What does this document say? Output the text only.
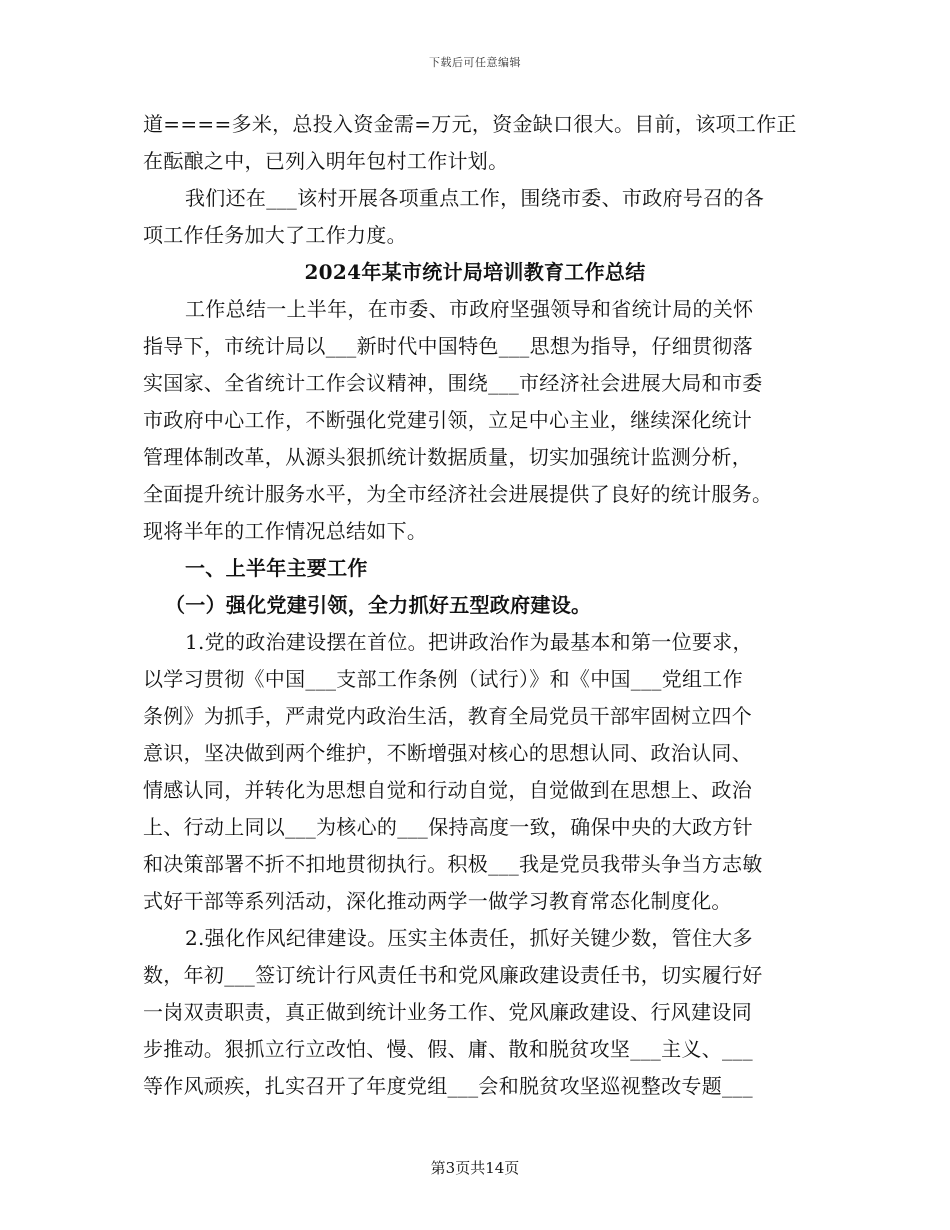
下载后可任意编辑
道====多米，总投入资金需=万元，资金缺口很大。目前，该项工作正
在酝酿之中，已列入明年包村工作计划。
我们还在___该村开展各项重点工作，围绕市委、市政府号召的各
项工作任务加大了工作力度。
2024年某市统计局培训教育工作总结
工作总结一上半年，在市委、市政府坚强领导和省统计局的关怀
指导下，市统计局以___新时代中国特色___思想为指导，仔细贯彻落
实国家、全省统计工作会议精神，围绕___市经济社会进展大局和市委
市政府中心工作，不断强化党建引领，立足中心主业，继续深化统计
管理体制改革，从源头狠抓统计数据质量，切实加强统计监测分析，
全面提升统计服务水平，为全市经济社会进展提供了良好的统计服务。
现将半年的工作情况总结如下。
一、上半年主要工作
（一）强化党建引领，全力抓好五型政府建设。
1.党的政治建设摆在首位。把讲政治作为最基本和第一位要求，
以学习贯彻《中国___支部工作条例（试行）》和《中国___党组工作
条例》为抓手，严肃党内政治生活，教育全局党员干部牢固树立四个
意识，坚决做到两个维护，不断增强对核心的思想认同、政治认同、
情感认同，并转化为思想自觉和行动自觉，自觉做到在思想上、政治
上、行动上同以___为核心的___保持高度一致，确保中央的大政方针
和决策部署不折不扣地贯彻执行。积极___我是党员我带头争当方志敏
式好干部等系列活动，深化推动两学一做学习教育常态化制度化。
2.强化作风纪律建设。压实主体责任，抓好关键少数，管住大多
数，年初___签订统计行风责任书和党风廉政建设责任书，切实履行好
一岗双责职责，真正做到统计业务工作、党风廉政建设、行风建设同
步推动。狠抓立行立改怕、慢、假、庸、散和脱贫攻坚___主义、___
等作风顽疾，扎实召开了年度党组___会和脱贫攻坚巡视整改专题___
第3页共14页
